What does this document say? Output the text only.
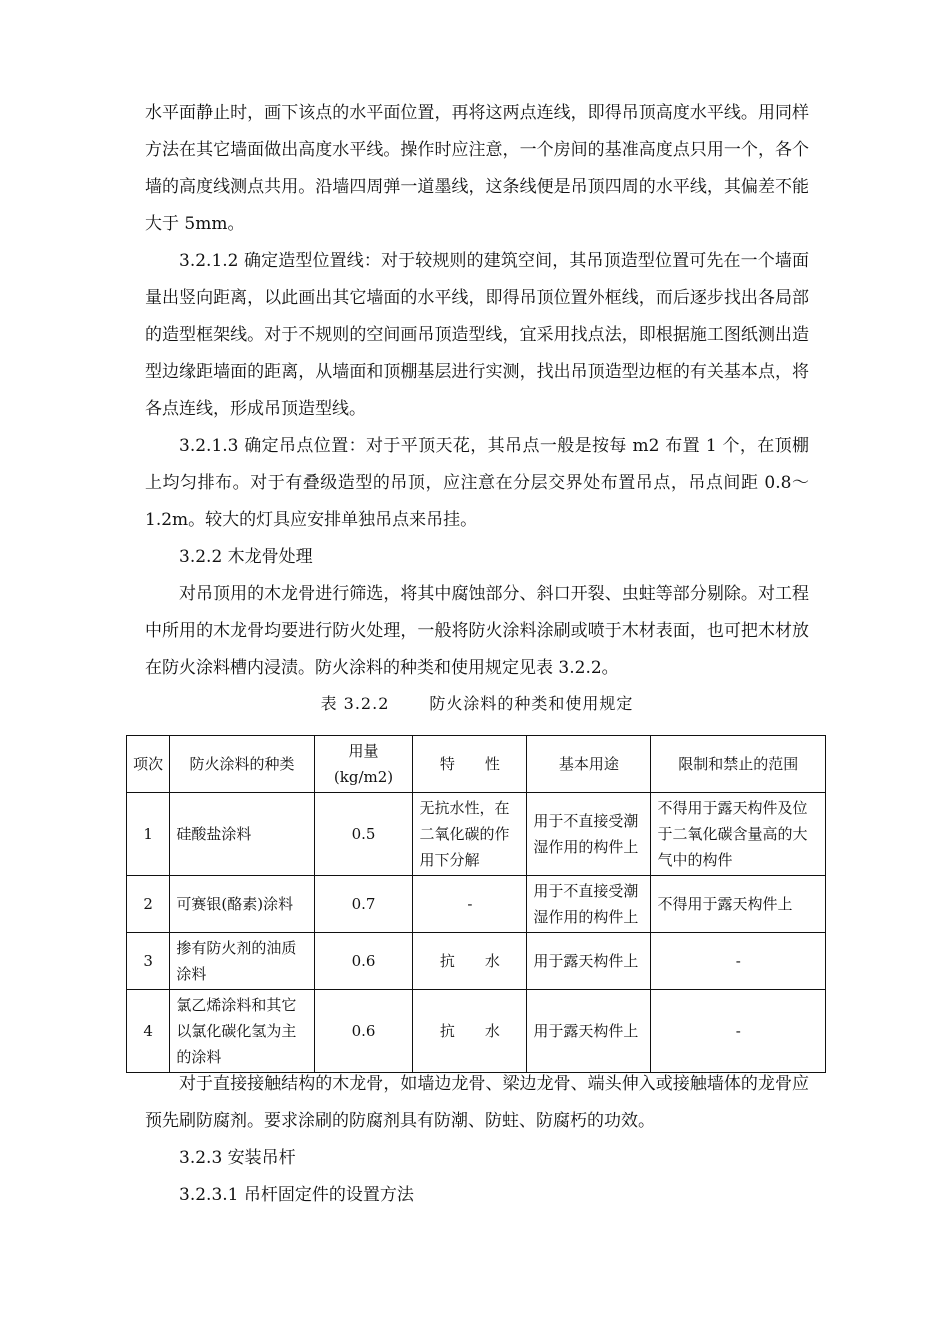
水平面静止时，画下该点的水平面位置，再将这两点连线，即得吊顶高度水平线。用同样方法在其它墙面做出高度水平线。操作时应注意，一个房间的基准高度点只用一个，各个墙的高度线测点共用。沿墙四周弹一道墨线，这条线便是吊顶四周的水平线，其偏差不能大于 5mm。

3.2.1.2 确定造型位置线：对于较规则的建筑空间，其吊顶造型位置可先在一个墙面量出竖向距离，以此画出其它墙面的水平线，即得吊顶位置外框线，而后逐步找出各局部的造型框架线。对于不规则的空间画吊顶造型线，宜采用找点法，即根据施工图纸测出造型边缘距墙面的距离，从墙面和顶棚基层进行实测，找出吊顶造型边框的有关基本点，将各点连线，形成吊顶造型线。

3.2.1.3 确定吊点位置：对于平顶天花，其吊点一般是按每 m2 布置 1 个，在顶棚上均匀排布。对于有叠级造型的吊顶，应注意在分层交界处布置吊点，吊点间距 0.8～1.2m。较大的灯具应安排单独吊点来吊挂。

3.2.2 木龙骨处理

对吊顶用的木龙骨进行筛选，将其中腐蚀部分、斜口开裂、虫蛀等部分剔除。对工程中所用的木龙骨均要进行防火处理，一般将防火涂料涂刷或喷于木材表面，也可把木材放在防火涂料槽内浸渍。防火涂料的种类和使用规定见表 3.2.2。

表 3.2.2	防火涂料的种类和使用规定

项次	防火涂料的种类	用量(kg/m2)	特　　性	基本用途	限制和禁止的范围
1	硅酸盐涂料	0.5	无抗水性，在二氧化碳的作用下分解	用于不直接受潮湿作用的构件上	不得用于露天构件及位于二氧化碳含量高的大气中的构件
2	可赛银(酪素)涂料	0.7	-	用于不直接受潮湿作用的构件上	不得用于露天构件上
3	掺有防火剂的油质涂料	0.6	抗　　水	用于露天构件上	-
4	氯乙烯涂料和其它以氯化碳化氢为主的涂料	0.6	抗　　水	用于露天构件上	-

对于直接接触结构的木龙骨，如墙边龙骨、梁边龙骨、端头伸入或接触墙体的龙骨应预先刷防腐剂。要求涂刷的防腐剂具有防潮、防蛀、防腐朽的功效。

3.2.3 安装吊杆

3.2.3.1 吊杆固定件的设置方法
